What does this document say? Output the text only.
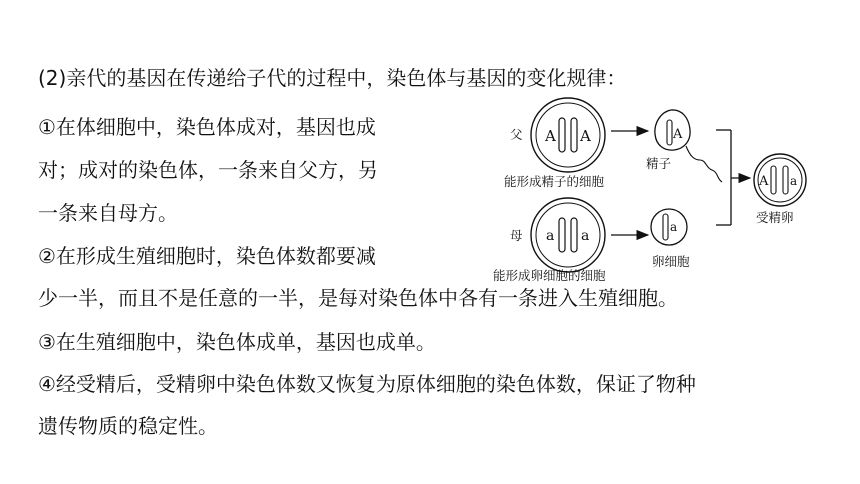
(2)亲代的基因在传递给子代的过程中，染色体与基因的变化规律：
①在体细胞中，染色体成对，基因也成
对；成对的染色体，一条来自父方，另
一条来自母方。
②在形成生殖细胞时，染色体数都要减
少一半，而且不是任意的一半，是每对染色体中各有一条进入生殖细胞。
③在生殖细胞中，染色体成单，基因也成单。
④经受精后，受精卵中染色体数又恢复为原体细胞的染色体数，保证了物种
遗传物质的稳定性。
父 A A
能形成精子的细胞
A
精子
母 a a
能形成卵细胞的细胞
a
卵细胞
A a
受精卵
